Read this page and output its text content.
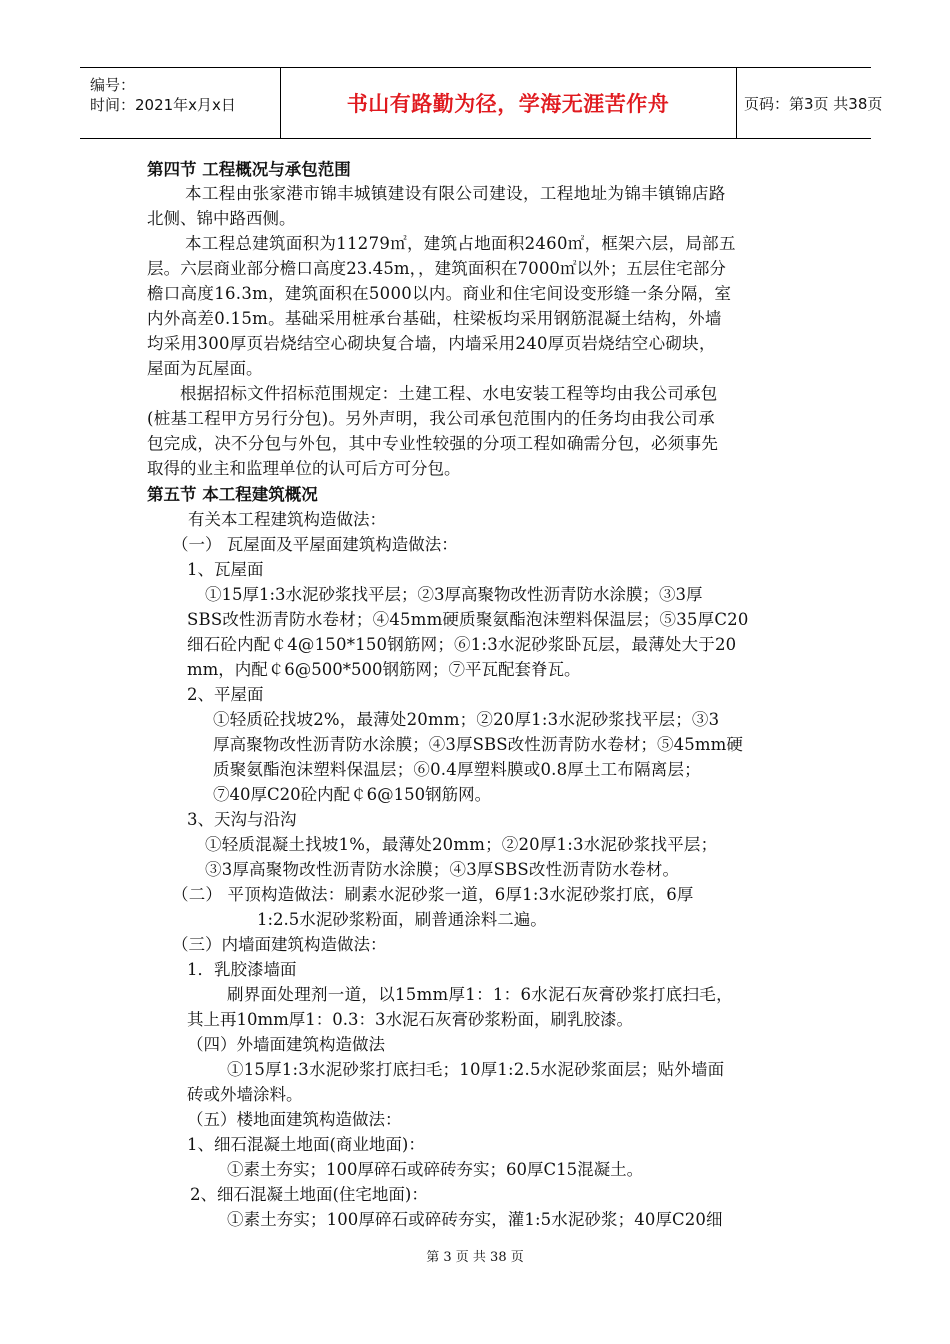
编号：
时间：2021年x月x日	书山有路勤为径，学海无涯苦作舟	页码：第3页 共38页
第四节 工程概况与承包范围
本工程由张家港市锦丰城镇建设有限公司建设，工程地址为锦丰镇锦店路
北侧、锦中路西侧。
本工程总建筑面积为11279㎡，建筑占地面积2460㎡，框架六层，局部五
层。六层商业部分檐口高度23.45m，，建筑面积在7000㎡以外；五层住宅部分
檐口高度16.3m，建筑面积在5000以内。商业和住宅间设变形缝一条分隔，室
内外高差0.15m。基础采用桩承台基础，柱梁板均采用钢筋混凝土结构，外墙
均采用300厚页岩烧结空心砌块复合墙，内墙采用240厚页岩烧结空心砌块，
屋面为瓦屋面。
根据招标文件招标范围规定：土建工程、水电安装工程等均由我公司承包
(桩基工程甲方另行分包)。另外声明，我公司承包范围内的任务均由我公司承
包完成，决不分包与外包，其中专业性较强的分项工程如确需分包，必须事先
取得的业主和监理单位的认可后方可分包。
第五节 本工程建筑概况
有关本工程建筑构造做法：
（一） 瓦屋面及平屋面建筑构造做法：
1、瓦屋面
①15厚1:3水泥砂浆找平层；②3厚高聚物改性沥青防水涂膜；③3厚
SBS改性沥青防水卷材；④45mm硬质聚氨酯泡沫塑料保温层；⑤35厚C20
细石砼内配￠4@150*150钢筋网；⑥1:3水泥砂浆卧瓦层，最薄处大于20
mm，内配￠6@500*500钢筋网；⑦平瓦配套脊瓦。
2、平屋面
①轻质砼找坡2%，最薄处20mm；②20厚1:3水泥砂浆找平层；③3
厚高聚物改性沥青防水涂膜；④3厚SBS改性沥青防水卷材；⑤45mm硬
质聚氨酯泡沫塑料保温层；⑥0.4厚塑料膜或0.8厚土工布隔离层；
⑦40厚C20砼内配￠6@150钢筋网。
3、天沟与沿沟
①轻质混凝土找坡1%，最薄处20mm；②20厚1:3水泥砂浆找平层；
③3厚高聚物改性沥青防水涂膜；④3厚SBS改性沥青防水卷材。
（二） 平顶构造做法：刷素水泥砂浆一道，6厚1:3水泥砂浆打底，6厚
1:2.5水泥砂浆粉面，刷普通涂料二遍。
（三）内墙面建筑构造做法：
1．乳胶漆墙面
刷界面处理剂一道，以15mm厚1：1：6水泥石灰膏砂浆打底扫毛，
其上再10mm厚1：0.3：3水泥石灰膏砂浆粉面，刷乳胶漆。
（四）外墙面建筑构造做法
①15厚1:3水泥砂浆打底扫毛；10厚1:2.5水泥砂浆面层；贴外墙面
砖或外墙涂料。
（五）楼地面建筑构造做法：
1、细石混凝土地面(商业地面)：
①素土夯实；100厚碎石或碎砖夯实；60厚C15混凝土。
2、细石混凝土地面(住宅地面)：
①素土夯实；100厚碎石或碎砖夯实，灌1:5水泥砂浆；40厚C20细
第 3 页 共 38 页
